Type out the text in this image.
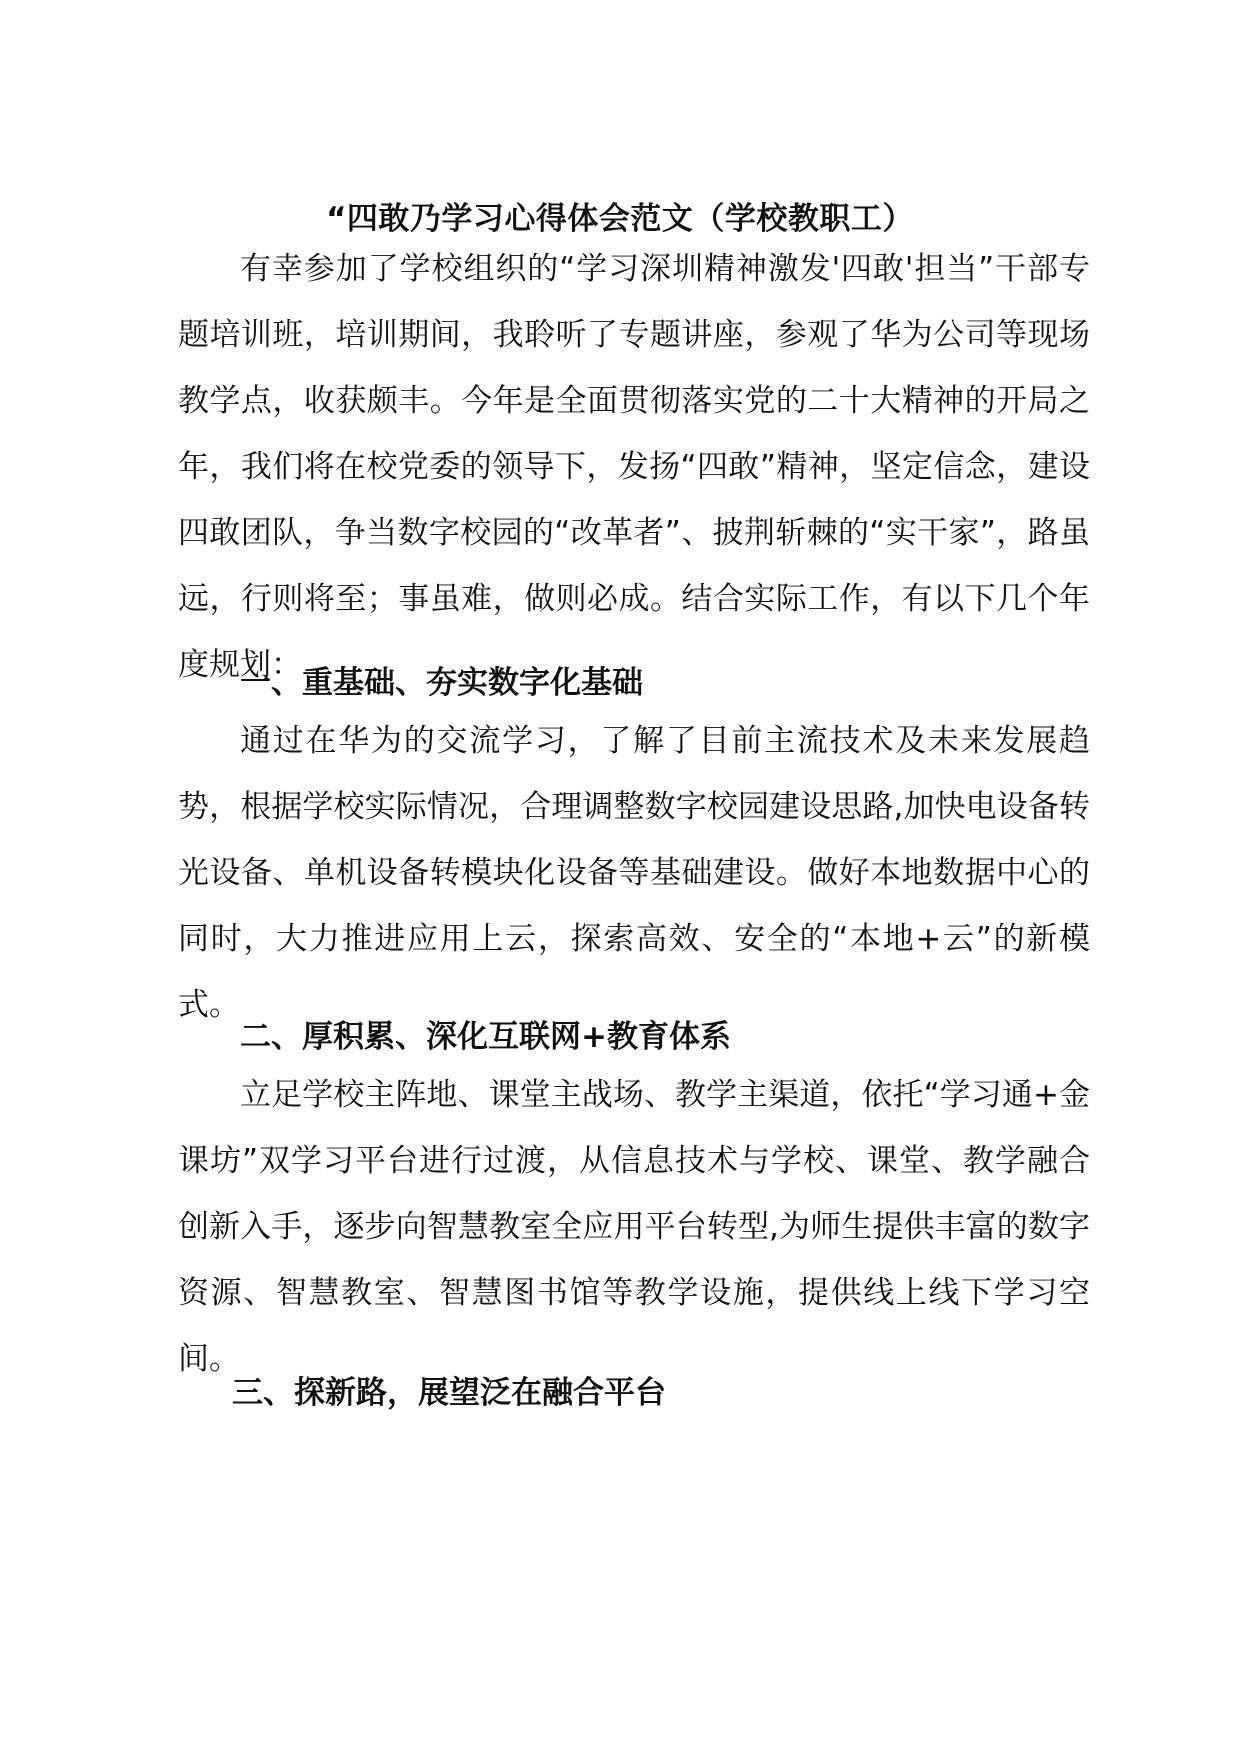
“四敢乃学习心得体会范文（学校教职工）

有幸参加了学校组织的“学习深圳精神激发'四敢'担当”干部专题培训班，培训期间，我聆听了专题讲座，参观了华为公司等现场教学点，收获颇丰。今年是全面贯彻落实党的二十大精神的开局之年，我们将在校党委的领导下，发扬“四敢”精神，坚定信念，建设四敢团队，争当数字校园的“改革者”、披荆斩棘的“实干家”，路虽远，行则将至；事虽难，做则必成。结合实际工作，有以下几个年度规划：

一、重基础、夯实数字化基础

通过在华为的交流学习，了解了目前主流技术及未来发展趋势，根据学校实际情况，合理调整数字校园建设思路,加快电设备转光设备、单机设备转模块化设备等基础建设。做好本地数据中心的同时，大力推进应用上云，探索高效、安全的“本地+云”的新模式。

二、厚积累、深化互联网+教育体系

立足学校主阵地、课堂主战场、教学主渠道，依托“学习通+金课坊”双学习平台进行过渡，从信息技术与学校、课堂、教学融合创新入手，逐步向智慧教室全应用平台转型,为师生提供丰富的数字资源、智慧教室、智慧图书馆等教学设施，提供线上线下学习空间。

三、探新路，展望泛在融合平台
